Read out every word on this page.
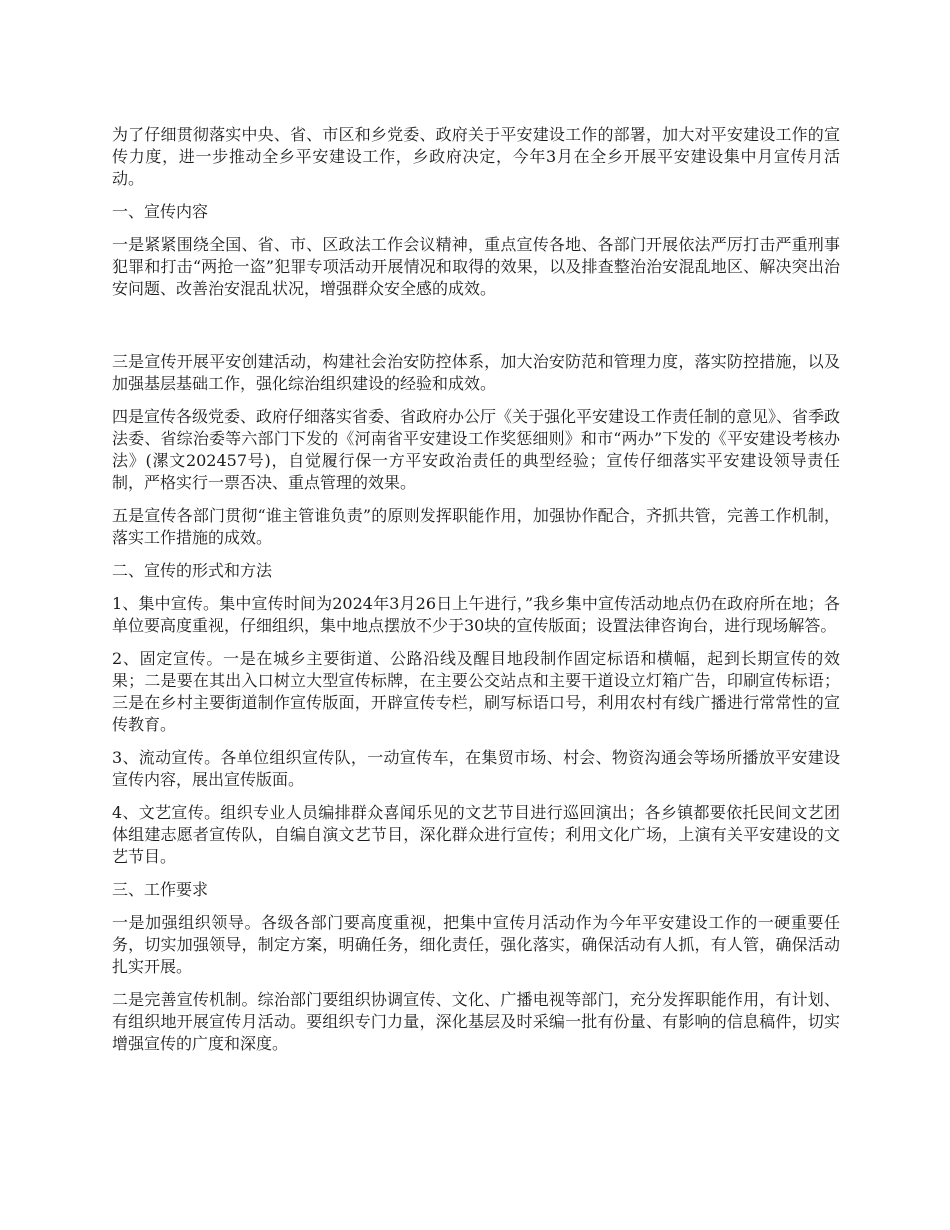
为了仔细贯彻落实中央、省、市区和乡党委、政府关于平安建设工作的部署，加大对平安建设工作的宣传力度，进一步推动全乡平安建设工作，乡政府决定，今年3月在全乡开展平安建设集中月宣传月活动。

一、宣传内容

一是紧紧围绕全国、省、市、区政法工作会议精神，重点宣传各地、各部门开展依法严厉打击严重刑事犯罪和打击“两抢一盗”犯罪专项活动开展情况和取得的效果，以及排查整治治安混乱地区、解决突出治安问题、改善治安混乱状况，增强群众安全感的成效。

三是宣传开展平安创建活动，构建社会治安防控体系，加大治安防范和管理力度，落实防控措施，以及加强基层基础工作，强化综治组织建设的经验和成效。

四是宣传各级党委、政府仔细落实省委、省政府办公厅《关于强化平安建设工作责任制的意见》、省季政法委、省综治委等六部门下发的《河南省平安建设工作奖惩细则》和市“两办”下发的《平安建设考核办法》(漯文202457号)，自觉履行保一方平安政治责任的典型经验；宣传仔细落实平安建设领导责任制，严格实行一票否决、重点管理的效果。

五是宣传各部门贯彻“谁主管谁负责”的原则发挥职能作用，加强协作配合，齐抓共管，完善工作机制，落实工作措施的成效。

二、宣传的形式和方法

1、集中宣传。集中宣传时间为2024年3月26日上午进行，”我乡集中宣传活动地点仍在政府所在地；各单位要高度重视，仔细组织，集中地点摆放不少于30块的宣传版面；设置法律咨询台，进行现场解答。

2、固定宣传。一是在城乡主要街道、公路沿线及醒目地段制作固定标语和横幅，起到长期宣传的效果；二是要在其出入口树立大型宣传标牌，在主要公交站点和主要干道设立灯箱广告，印刷宣传标语；三是在乡村主要街道制作宣传版面，开辟宣传专栏，刷写标语口号，利用农村有线广播进行常常性的宣传教育。

3、流动宣传。各单位组织宣传队，一动宣传车，在集贸市场、村会、物资沟通会等场所播放平安建设宣传内容，展出宣传版面。

4、文艺宣传。组织专业人员编排群众喜闻乐见的文艺节目进行巡回演出；各乡镇都要依托民间文艺团体组建志愿者宣传队，自编自演文艺节目，深化群众进行宣传；利用文化广场，上演有关平安建设的文艺节目。

三、工作要求

一是加强组织领导。各级各部门要高度重视，把集中宣传月活动作为今年平安建设工作的一硬重要任务，切实加强领导，制定方案，明确任务，细化责任，强化落实，确保活动有人抓，有人管，确保活动扎实开展。

二是完善宣传机制。综治部门要组织协调宣传、文化、广播电视等部门，充分发挥职能作用，有计划、有组织地开展宣传月活动。要组织专门力量，深化基层及时采编一批有份量、有影响的信息稿件，切实增强宣传的广度和深度。
